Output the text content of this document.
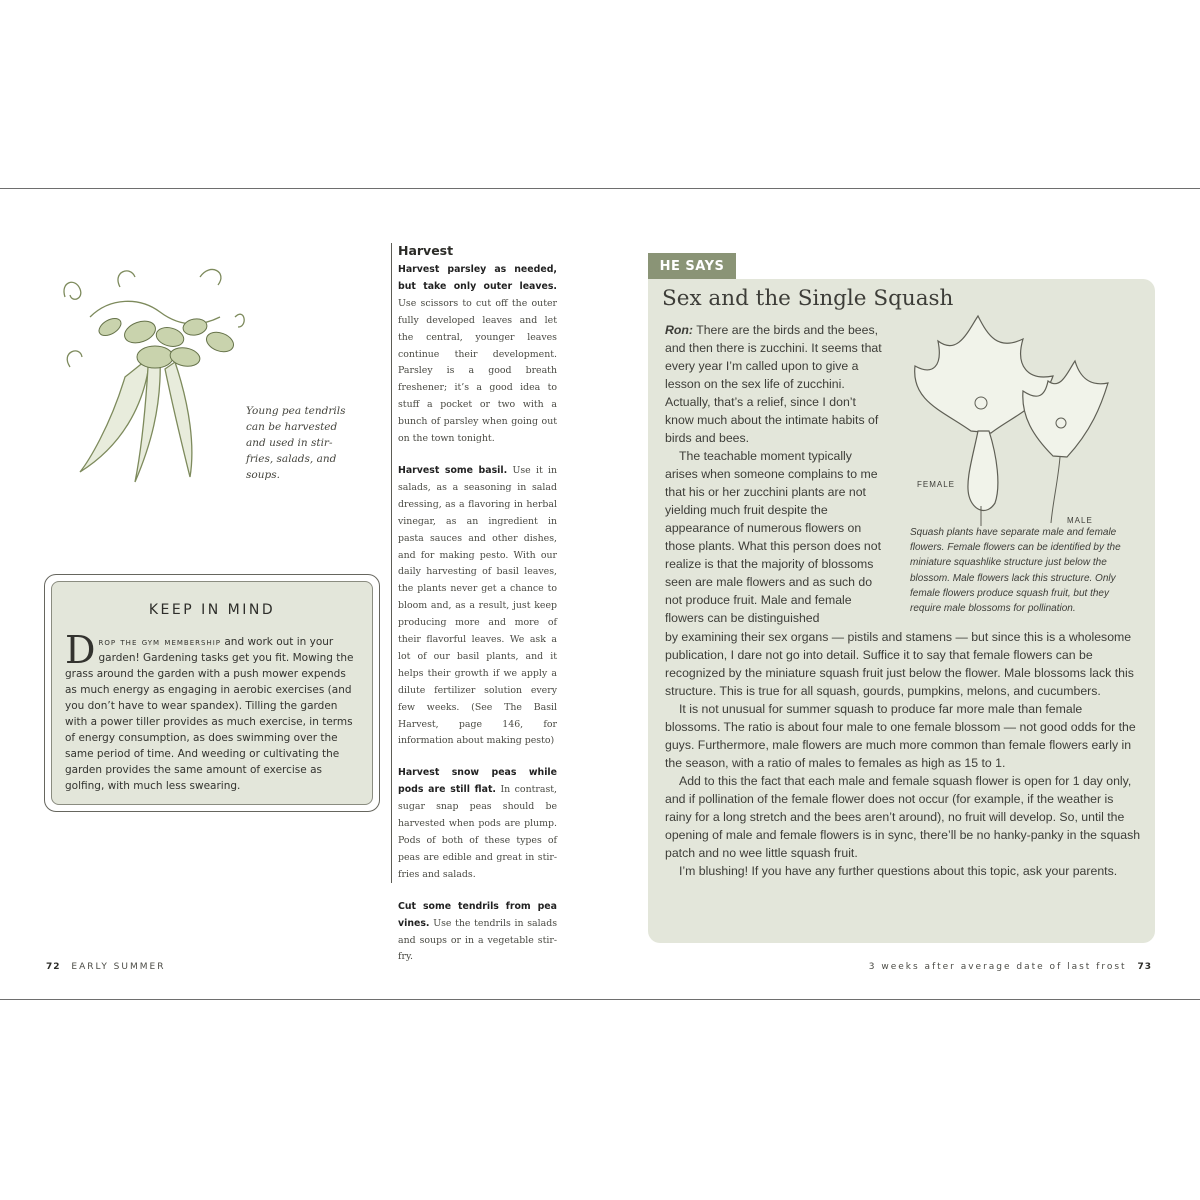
Young pea tendrils can be harvested and used in stir-fries, salads, and soups.
KEEP IN MIND
Drop the gym membership and work out in your garden! Gardening tasks get you fit. Mowing the grass around the garden with a push mower expends as much energy as engaging in aerobic exercises (and you don’t have to wear spandex). Tilling the garden with a power tiller provides as much exercise, in terms of energy consumption, as does swimming over the same period of time. And weeding or cultivating the garden provides the same amount of exercise as golfing, with much less swearing.
Harvest

Harvest parsley as needed, but take only outer leaves. Use scissors to cut off the outer fully developed leaves and let the central, younger leaves continue their development. Parsley is a good breath freshener; it’s a good idea to stuff a pocket or two with a bunch of parsley when going out on the town tonight.

Harvest some basil. Use it in salads, as a seasoning in salad dressing, as a flavoring in herbal vinegar, as an ingredient in pasta sauces and other dishes, and for making pesto. With our daily harvesting of basil leaves, the plants never get a chance to bloom and, as a result, just keep producing more and more of their flavorful leaves. We ask a lot of our basil plants, and it helps their growth if we apply a dilute fertilizer solution every few weeks. (See The Basil Harvest, page 146, for information about making pesto)

Harvest snow peas while pods are still flat. In contrast, sugar snap peas should be harvested when pods are plump. Pods of both of these types of peas are edible and great in stir-fries and salads.

Cut some tendrils from pea vines. Use the tendrils in salads and soups or in a vegetable stir-fry.

72 EARLY SUMMER
HE SAYS
Sex and the Single Squash

Ron: There are the birds and the bees, and then there is zucchini. It seems that every year I’m called upon to give a lesson on the sex life of zucchini. Actually, that’s a relief, since I don’t know much about the intimate habits of birds and bees.

The teachable moment typically arises when someone complains to me that his or her zucchini plants are not yielding much fruit despite the appearance of numerous flowers on those plants. What this person does not realize is that the majority of blossoms seen are male flowers and as such do not produce fruit. Male and female flowers can be distinguished

FEMALE
MALE
Squash plants have separate male and female flowers. Female flowers can be identified by the miniature squashlike structure just below the blossom. Male flowers lack this structure. Only female flowers produce squash fruit, but they require male blossoms for pollination.

by examining their sex organs — pistils and stamens — but since this is a wholesome publication, I dare not go into detail. Suffice it to say that female flowers can be recognized by the miniature squash fruit just below the flower. Male blossoms lack this structure. This is true for all squash, gourds, pumpkins, melons, and cucumbers.

It is not unusual for summer squash to produce far more male than female blossoms. The ratio is about four male to one female blossom — not good odds for the guys. Furthermore, male flowers are much more common than female flowers early in the season, with a ratio of males to females as high as 15 to 1.

Add to this the fact that each male and female squash flower is open for 1 day only, and if pollination of the female flower does not occur (for example, if the weather is rainy for a long stretch and the bees aren’t around), no fruit will develop. So, until the opening of male and female flowers is in sync, there’ll be no hanky-panky in the squash patch and no wee little squash fruit.

I’m blushing! If you have any further questions about this topic, ask your parents.

3 weeks after average date of last frost 73
